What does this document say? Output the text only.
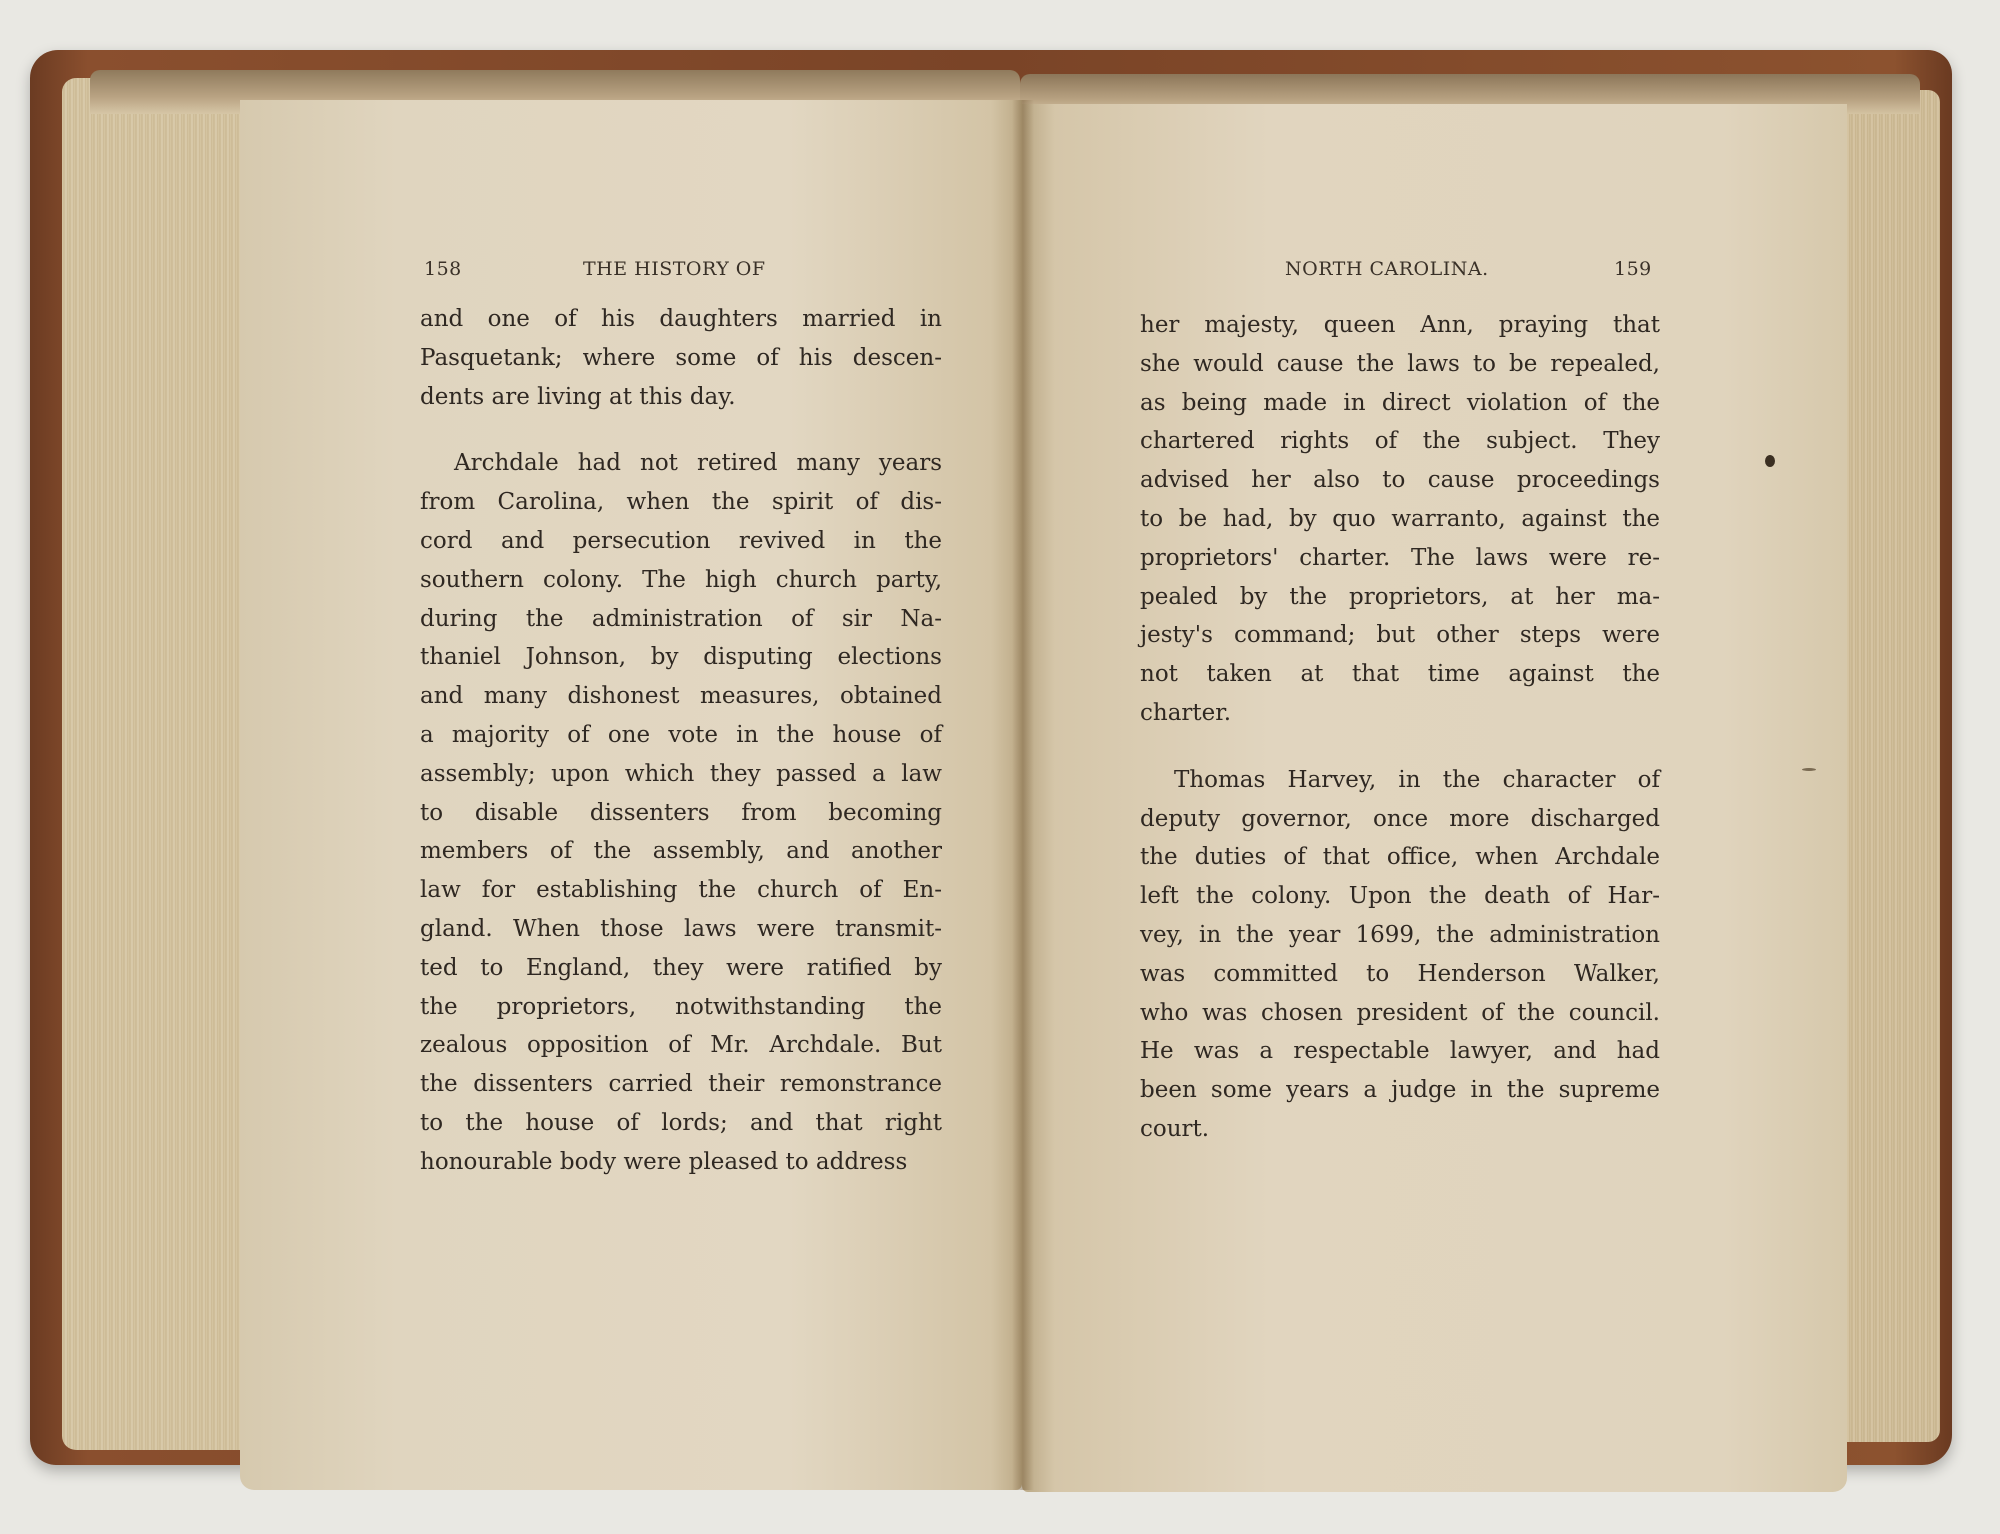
158	THE HISTORY OF	NORTH CAROLINA.	159

and one of his daughters married in
Pasquetank; where some of his descen-
dents are living at this day.

Archdale had not retired many years
from Carolina, when the spirit of dis-
cord and persecution revived in the
southern colony. The high church party,
during the administration of sir Na-
thaniel Johnson, by disputing elections
and many dishonest measures, obtained
a majority of one vote in the house of
assembly; upon which they passed a law
to disable dissenters from becoming
members of the assembly, and another
law for establishing the church of En-
gland. When those laws were transmit-
ted to England, they were ratified by
the proprietors, notwithstanding the
zealous opposition of Mr. Archdale. But
the dissenters carried their remonstrance
to the house of lords; and that right
honourable body were pleased to address

her majesty, queen Ann, praying that
she would cause the laws to be repealed,
as being made in direct violation of the
chartered rights of the subject. They
advised her also to cause proceedings
to be had, by quo warranto, against the
proprietors' charter. The laws were re-
pealed by the proprietors, at her ma-
jesty's command; but other steps were
not taken at that time against the
charter.

Thomas Harvey, in the character of
deputy governor, once more discharged
the duties of that office, when Archdale
left the colony. Upon the death of Har-
vey, in the year 1699, the administration
was committed to Henderson Walker,
who was chosen president of the council.
He was a respectable lawyer, and had
been some years a judge in the supreme
court.
